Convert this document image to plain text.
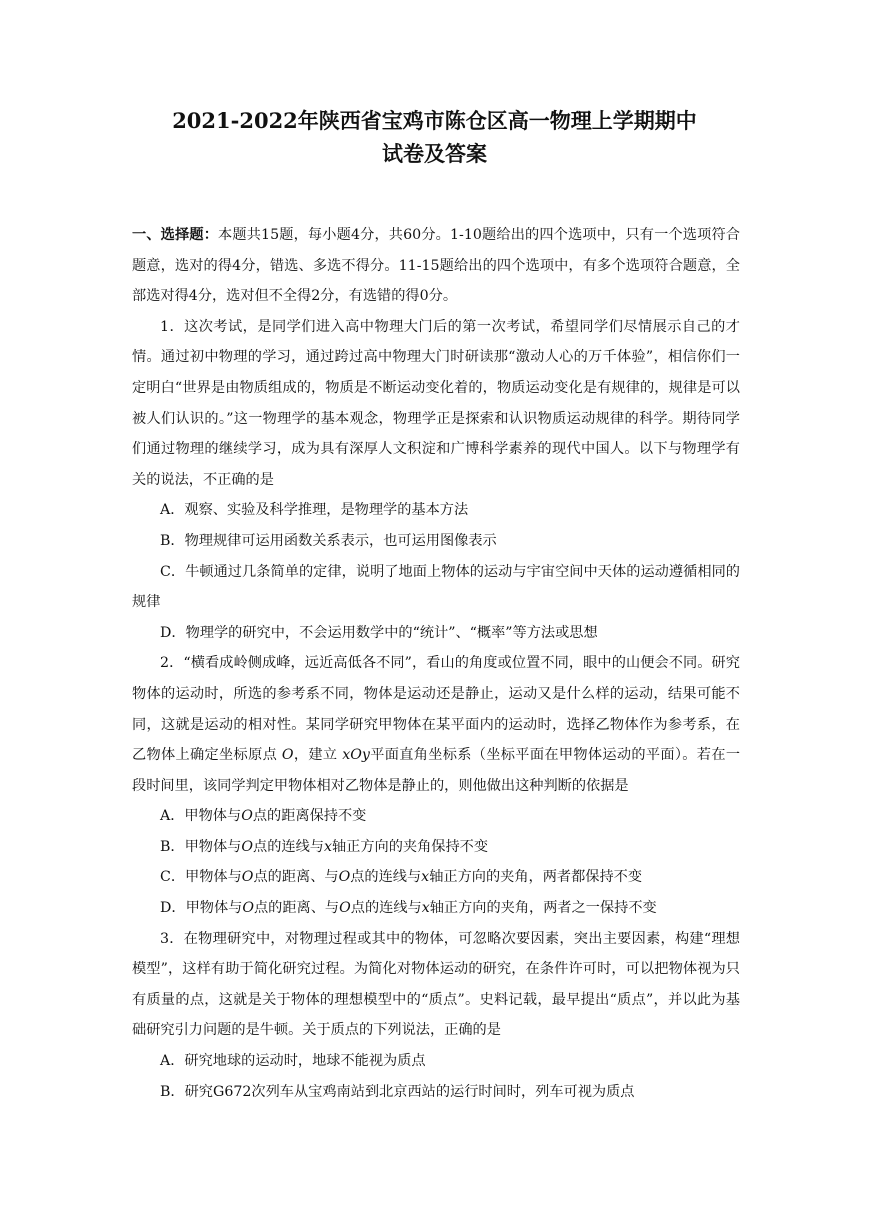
2021-2022年陕西省宝鸡市陈仓区高一物理上学期期中
试卷及答案

一、选择题：本题共15题，每小题4分，共60分。1-10题给出的四个选项中，只有一个选项符合题意，选对的得4分，错选、多选不得分。11-15题给出的四个选项中，有多个选项符合题意，全部选对得4分，选对但不全得2分，有选错的得0分。

1．这次考试，是同学们进入高中物理大门后的第一次考试，希望同学们尽情展示自己的才情。通过初中物理的学习，通过跨过高中物理大门时研读那“激动人心的万千体验”，相信你们一定明白“世界是由物质组成的，物质是不断运动变化着的，物质运动变化是有规律的，规律是可以被人们认识的。”这一物理学的基本观念，物理学正是探索和认识物质运动规律的科学。期待同学们通过物理的继续学习，成为具有深厚人文积淀和广博科学素养的现代中国人。以下与物理学有关的说法，不正确的是

A．观察、实验及科学推理，是物理学的基本方法

B．物理规律可运用函数关系表示，也可运用图像表示

C．牛顿通过几条简单的定律，说明了地面上物体的运动与宇宙空间中天体的运动遵循相同的规律

D．物理学的研究中，不会运用数学中的“统计”、“概率”等方法或思想

2．“横看成岭侧成峰，远近高低各不同”，看山的角度或位置不同，眼中的山便会不同。研究物体的运动时，所选的参考系不同，物体是运动还是静止，运动又是什么样的运动，结果可能不同，这就是运动的相对性。某同学研究甲物体在某平面内的运动时，选择乙物体作为参考系，在乙物体上确定坐标原点 O，建立 xOy平面直角坐标系（坐标平面在甲物体运动的平面）。若在一段时间里，该同学判定甲物体相对乙物体是静止的，则他做出这种判断的依据是

A．甲物体与O点的距离保持不变

B．甲物体与O点的连线与x轴正方向的夹角保持不变

C．甲物体与O点的距离、与O点的连线与x轴正方向的夹角，两者都保持不变

D．甲物体与O点的距离、与O点的连线与x轴正方向的夹角，两者之一保持不变

3．在物理研究中，对物理过程或其中的物体，可忽略次要因素，突出主要因素，构建“理想模型”，这样有助于简化研究过程。为简化对物体运动的研究，在条件许可时，可以把物体视为只有质量的点，这就是关于物体的理想模型中的“质点”。史料记载，最早提出“质点”，并以此为基础研究引力问题的是牛顿。关于质点的下列说法，正确的是

A．研究地球的运动时，地球不能视为质点

B．研究G672次列车从宝鸡南站到北京西站的运行时间时，列车可视为质点
